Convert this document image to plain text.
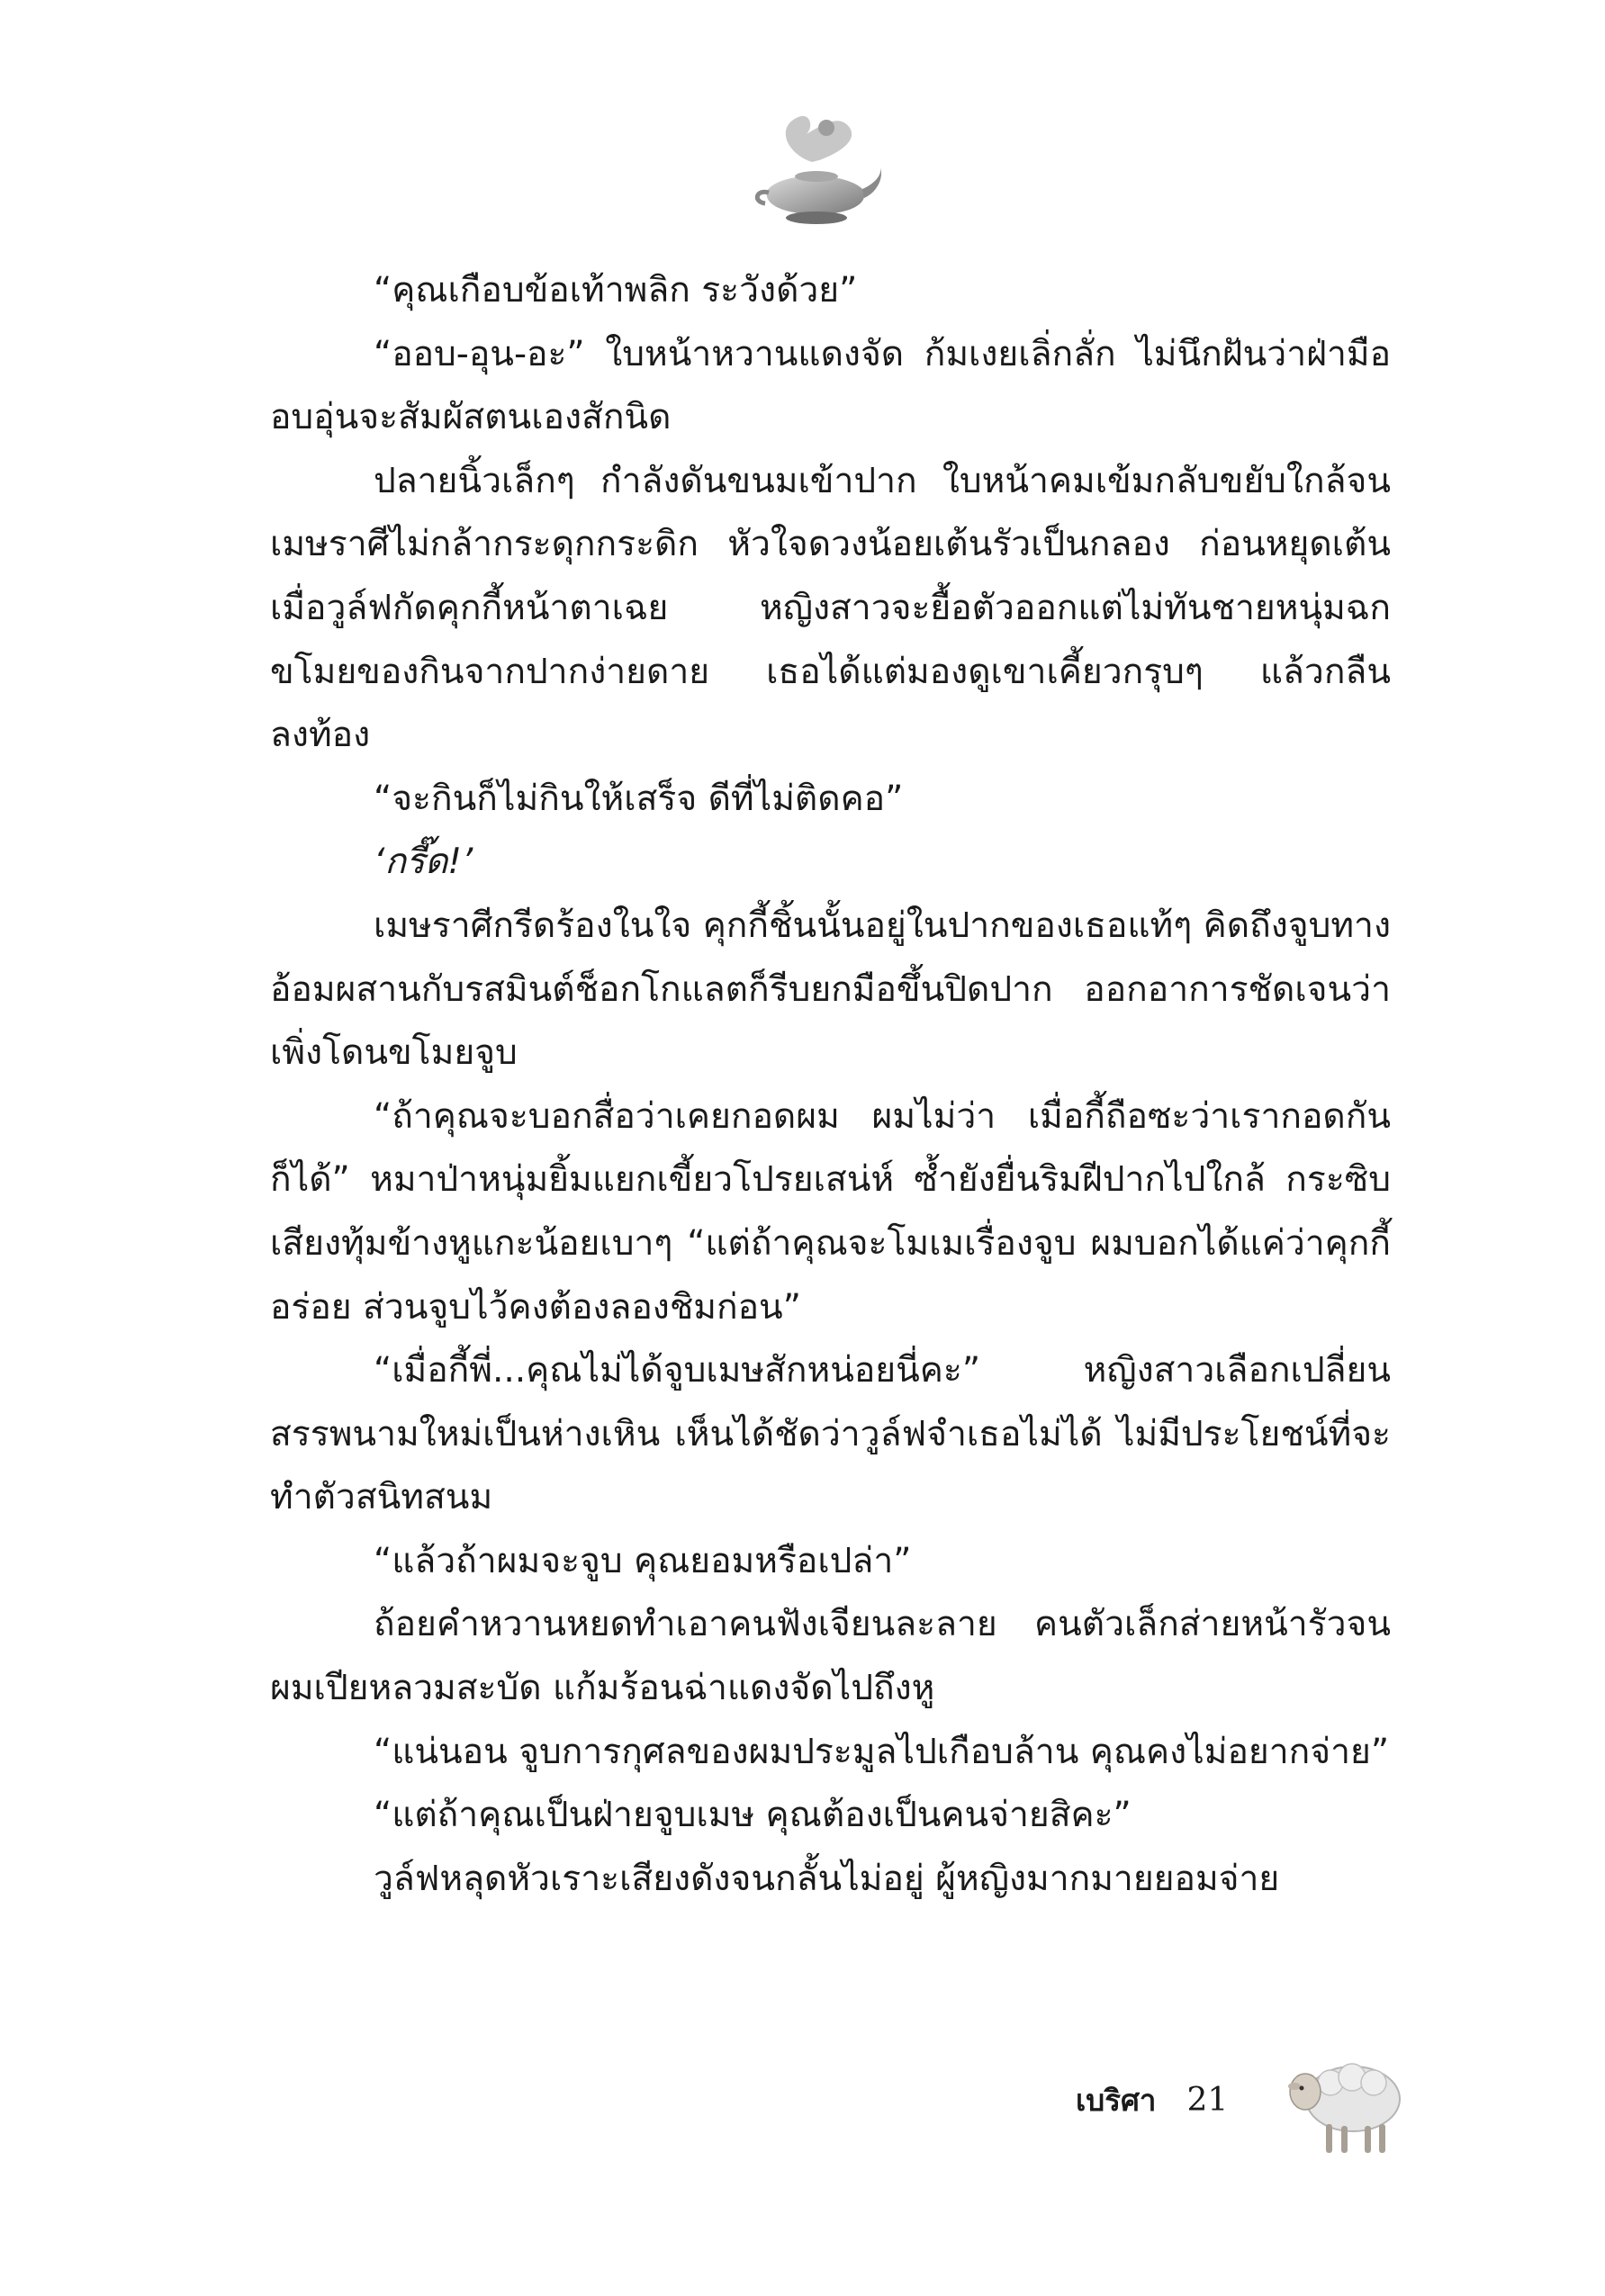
“คุณเกือบข้อเท้าพลิก ระวังด้วย”

“ออบ-อุน-อะ” ใบหน้าหวานแดงจัด ก้มเงยเลิ่กลั่ก ไม่นึกฝันว่าฝ่ามืออบอุ่นจะสัมผัสตนเองสักนิด

ปลายนิ้วเล็กๆ กำลังดันขนมเข้าปาก ใบหน้าคมเข้มกลับขยับใกล้จนเมษราศีไม่กล้ากระดุกกระดิก หัวใจดวงน้อยเต้นรัวเป็นกลอง ก่อนหยุดเต้นเมื่อวูล์ฟกัดคุกกี้หน้าตาเฉย หญิงสาวจะยื้อตัวออกแต่ไม่ทันชายหนุ่มฉกขโมยของกินจากปากง่ายดาย เธอได้แต่มองดูเขาเคี้ยวกรุบๆ แล้วกลืนลงท้อง

“จะกินก็ไม่กินให้เสร็จ ดีที่ไม่ติดคอ”

‘กรี๊ด!’

เมษราศีกรีดร้องในใจ คุกกี้ชิ้นนั้นอยู่ในปากของเธอแท้ๆ คิดถึงจูบทางอ้อมผสานกับรสมินต์ช็อกโกแลตก็รีบยกมือขึ้นปิดปาก ออกอาการชัดเจนว่าเพิ่งโดนขโมยจูบ

“ถ้าคุณจะบอกสื่อว่าเคยกอดผม ผมไม่ว่า เมื่อกี้ถือซะว่าเรากอดกันก็ได้” หมาป่าหนุ่มยิ้มแยกเขี้ยวโปรยเสน่ห์ ซ้ำยังยื่นริมฝีปากไปใกล้ กระซิบเสียงทุ้มข้างหูแกะน้อยเบาๆ “แต่ถ้าคุณจะโมเมเรื่องจูบ ผมบอกได้แค่ว่าคุกกี้อร่อย ส่วนจูบไว้คงต้องลองชิมก่อน”

“เมื่อกี้พี่...คุณไม่ได้จูบเมษสักหน่อยนี่คะ” หญิงสาวเลือกเปลี่ยนสรรพนามใหม่เป็นห่างเหิน เห็นได้ชัดว่าวูล์ฟจำเธอไม่ได้ ไม่มีประโยชน์ที่จะทำตัวสนิทสนม

“แล้วถ้าผมจะจูบ คุณยอมหรือเปล่า”

ถ้อยคำหวานหยดทำเอาคนฟังเจียนละลาย คนตัวเล็กส่ายหน้ารัวจนผมเปียหลวมสะบัด แก้มร้อนฉ่าแดงจัดไปถึงหู

“แน่นอน จูบการกุศลของผมประมูลไปเกือบล้าน คุณคงไม่อยากจ่าย”

“แต่ถ้าคุณเป็นฝ่ายจูบเมษ คุณต้องเป็นคนจ่ายสิคะ”

วูล์ฟหลุดหัวเราะเสียงดังจนกลั้นไม่อยู่ ผู้หญิงมากมายยอมจ่าย

เบริศา 21
